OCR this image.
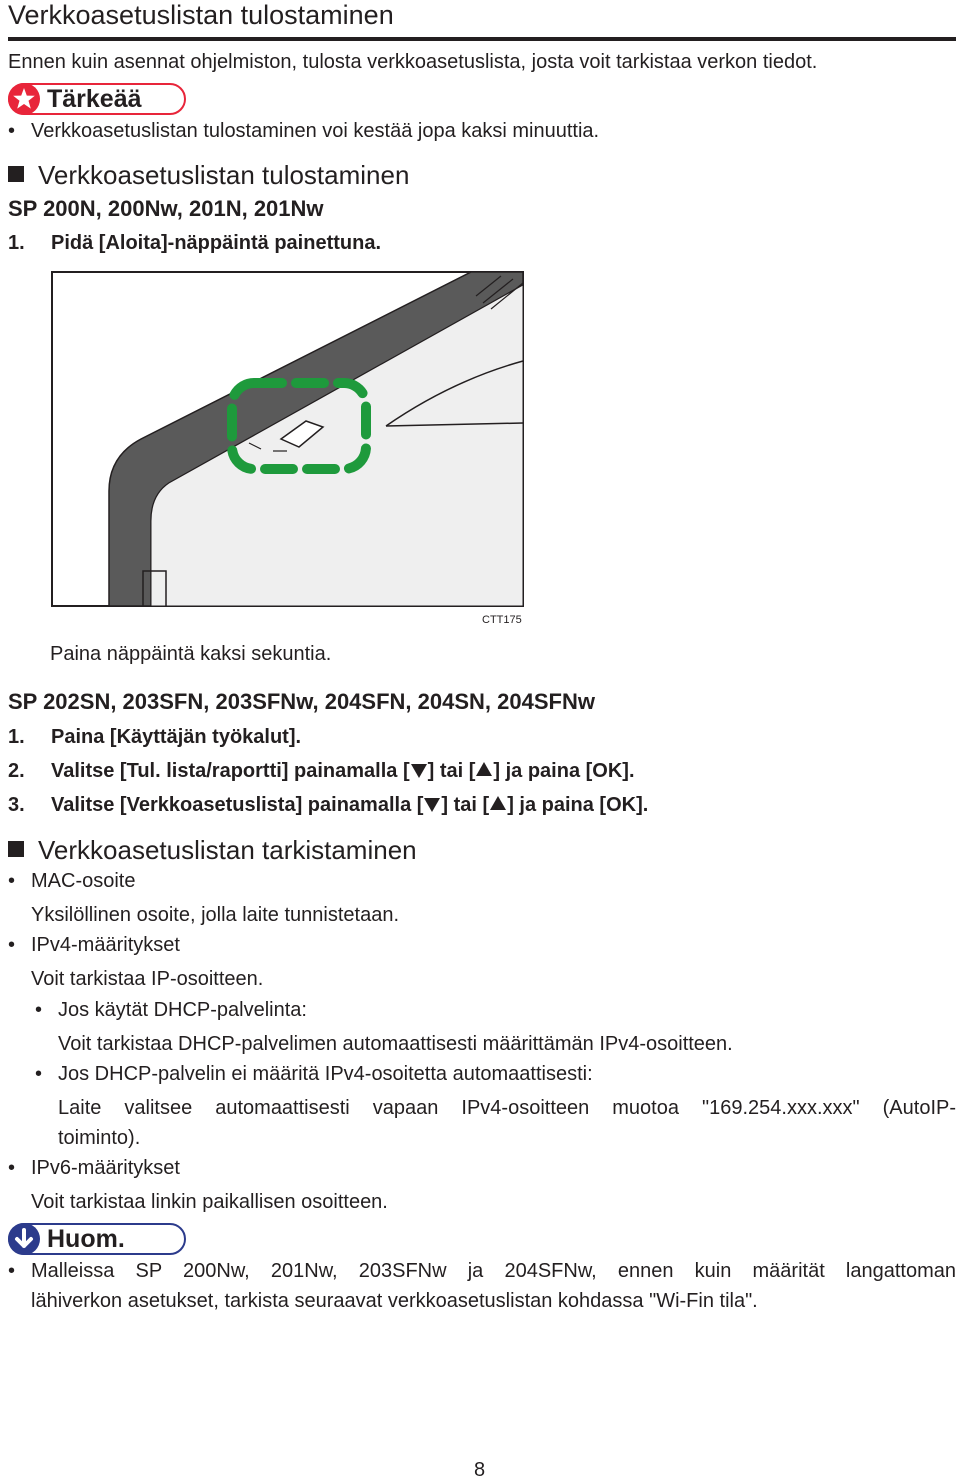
Verkkoasetuslistan tulostaminen
Ennen kuin asennat ohjelmiston, tulosta verkkoasetuslista, josta voit tarkistaa verkon tiedot.
Tärkeää
• Verkkoasetuslistan tulostaminen voi kestää jopa kaksi minuuttia.
Verkkoasetuslistan tulostaminen
SP 200N, 200Nw, 201N, 201Nw
1. Pidä [Aloita]-näppäintä painettuna.
CTT175
Paina näppäintä kaksi sekuntia.
SP 202SN, 203SFN, 203SFNw, 204SFN, 204SN, 204SFNw
1. Paina [Käyttäjän työkalut].
2. Valitse [Tul. lista/raportti] painamalla [ ] tai [ ] ja paina [OK].
3. Valitse [Verkkoasetuslista] painamalla [ ] tai [ ] ja paina [OK].
Verkkoasetuslistan tarkistaminen
• MAC-osoite
Yksilöllinen osoite, jolla laite tunnistetaan.
• IPv4-määritykset
Voit tarkistaa IP-osoitteen.
• Jos käytät DHCP-palvelinta:
Voit tarkistaa DHCP-palvelimen automaattisesti määrittämän IPv4-osoitteen.
• Jos DHCP-palvelin ei määritä IPv4-osoitetta automaattisesti:
Laite valitsee automaattisesti vapaan IPv4-osoitteen muotoa "169.254.xxx.xxx" (AutoIP-
toiminto).
• IPv6-määritykset
Voit tarkistaa linkin paikallisen osoitteen.
Huom.
• Malleissa SP 200Nw, 201Nw, 203SFNw ja 204SFNw, ennen kuin määrität langattoman
lähiverkon asetukset, tarkista seuraavat verkkoasetuslistan kohdassa "Wi-Fin tila".
8
